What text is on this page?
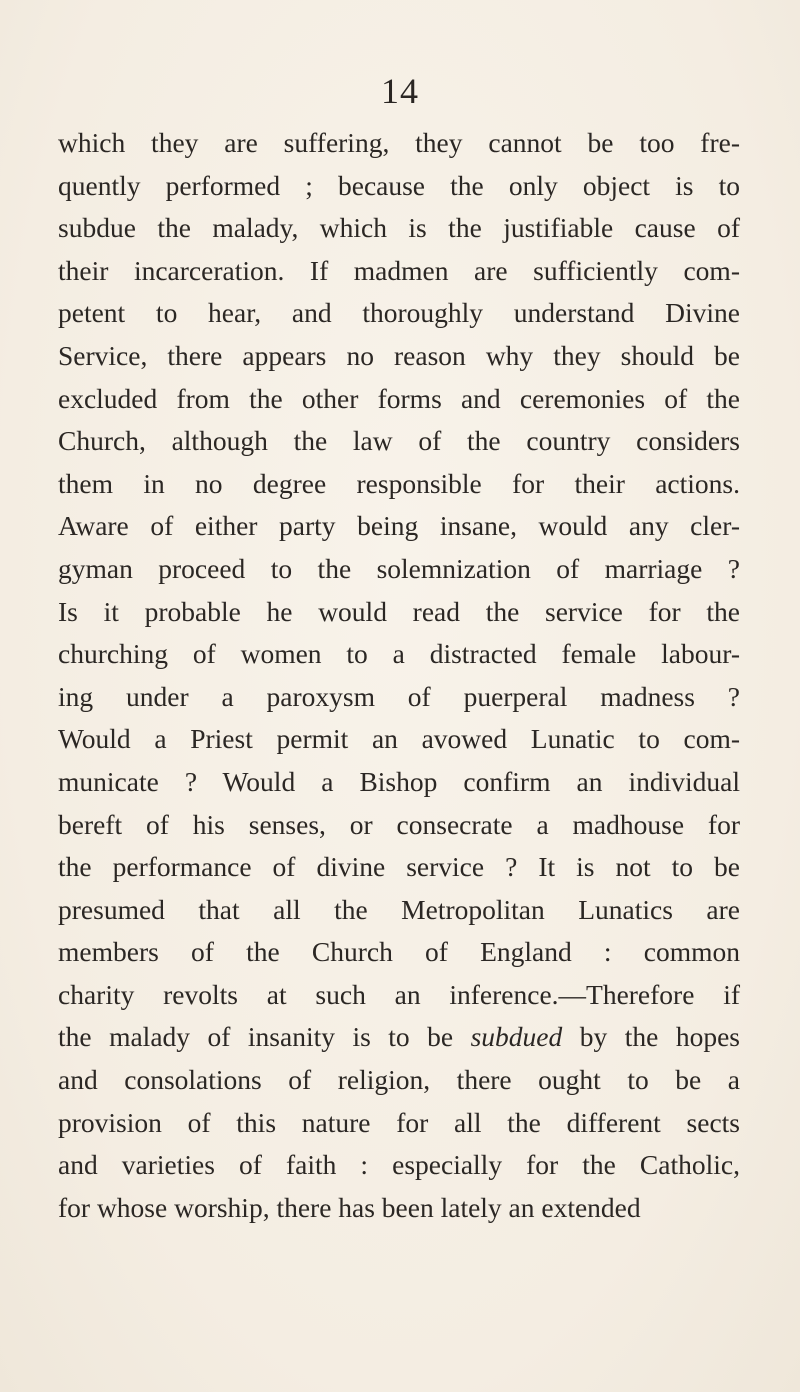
14
which they are suffering, they cannot be too fre-
quently performed ; because the only object is to
subdue the malady, which is the justifiable cause of
their incarceration. If madmen are sufficiently com-
petent to hear, and thoroughly understand Divine
Service, there appears no reason why they should be
excluded from the other forms and ceremonies of the
Church, although the law of the country considers
them in no degree responsible for their actions.
Aware of either party being insane, would any cler-
gyman proceed to the solemnization of marriage ?
Is it probable he would read the service for the
churching of women to a distracted female labour-
ing under a paroxysm of puerperal madness ?
Would a Priest permit an avowed Lunatic to com-
municate ? Would a Bishop confirm an individual
bereft of his senses, or consecrate a madhouse for
the performance of divine service ? It is not to be
presumed that all the Metropolitan Lunatics are
members of the Church of England : common
charity revolts at such an inference.—Therefore if
the malady of insanity is to be subdued by the hopes
and consolations of religion, there ought to be a
provision of this nature for all the different sects
and varieties of faith : especially for the Catholic,
for whose worship, there has been lately an extended
